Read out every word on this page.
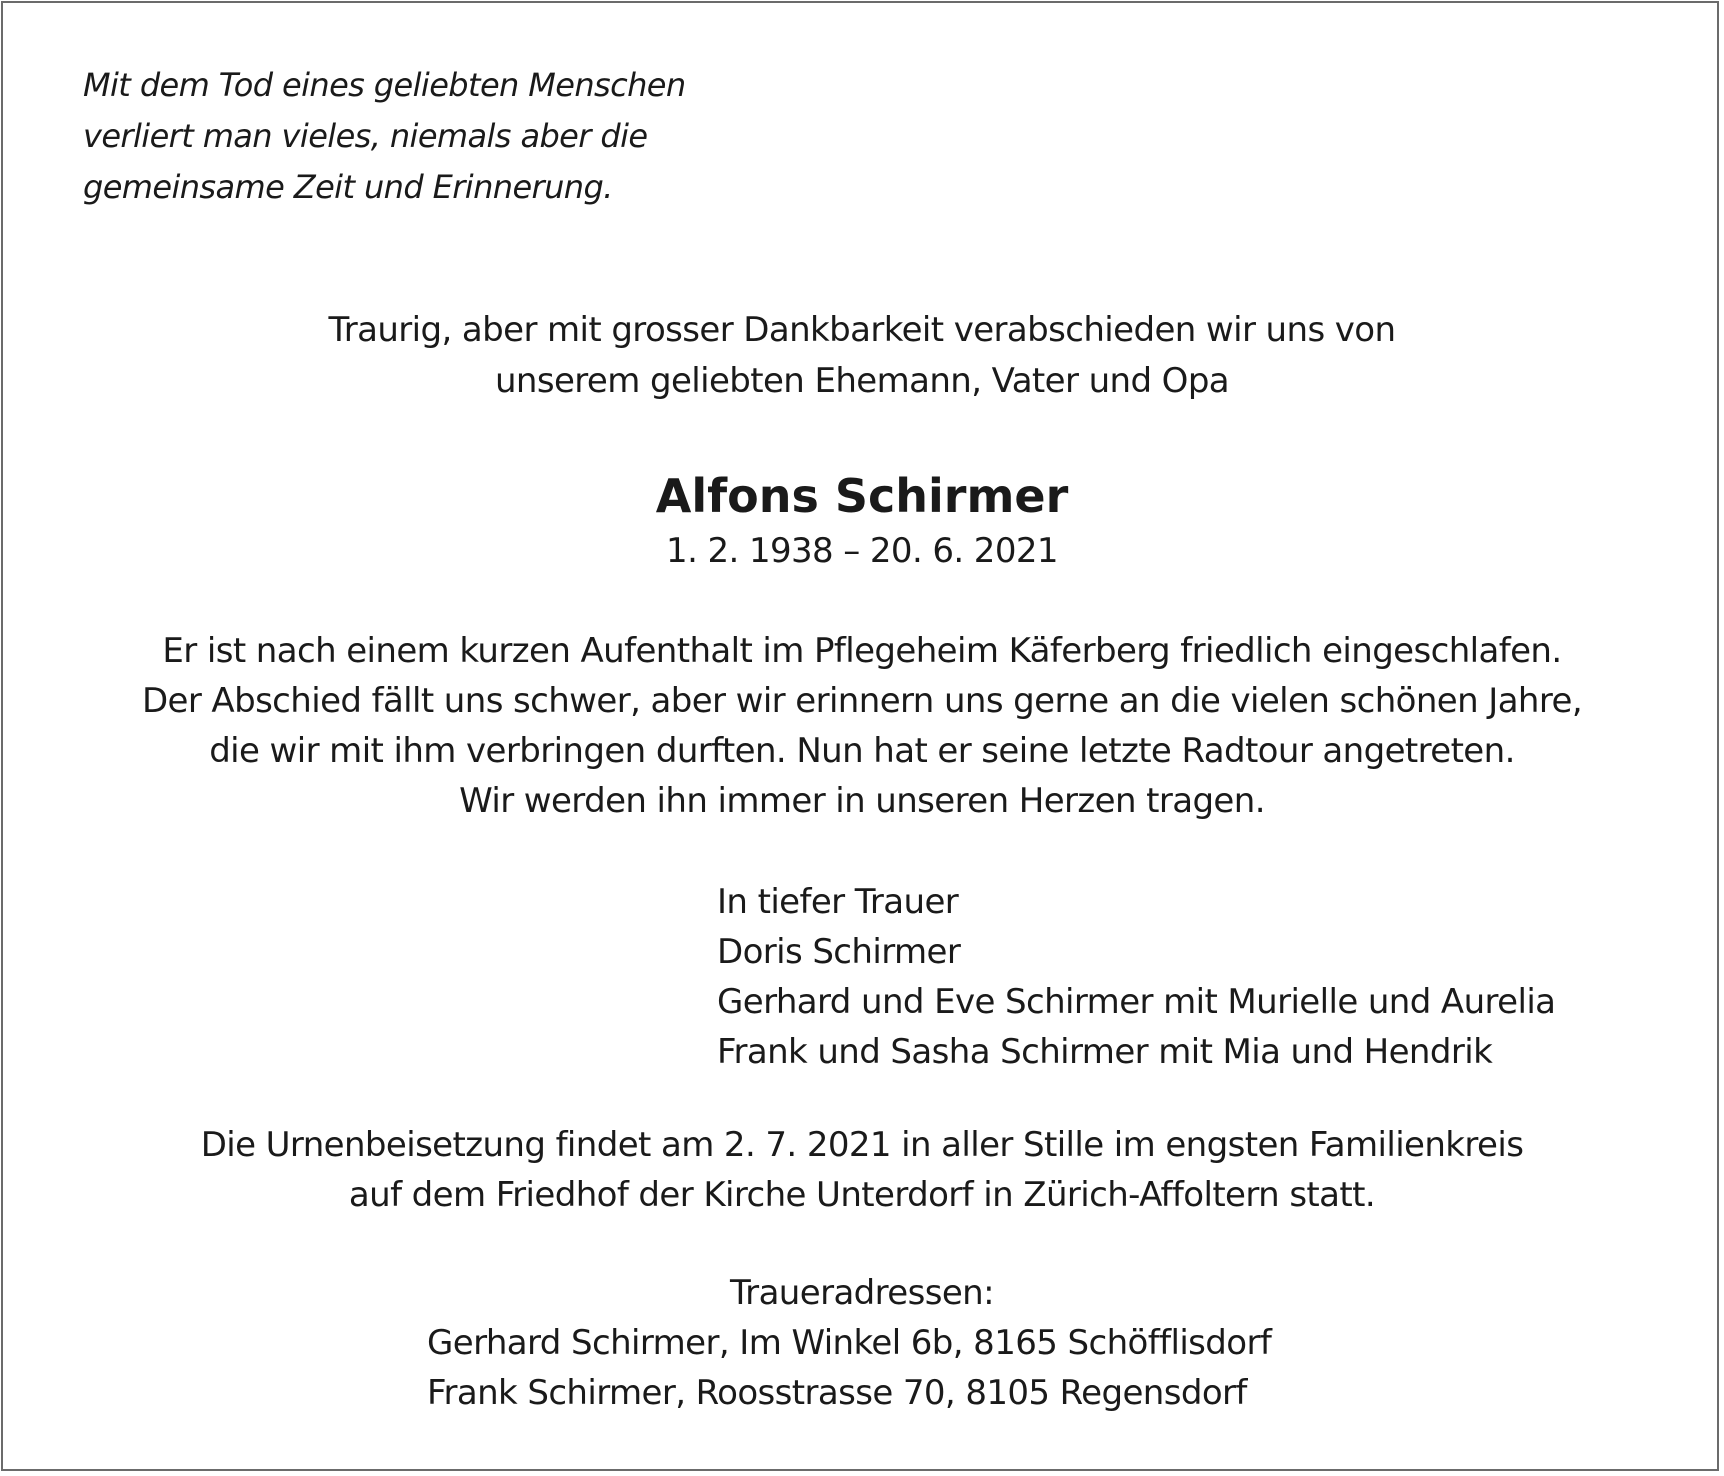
Mit dem Tod eines geliebten Menschen
verliert man vieles, niemals aber die
gemeinsame Zeit und Erinnerung.
Traurig, aber mit grosser Dankbarkeit verabschieden wir uns von
unserem geliebten Ehemann, Vater und Opa
Alfons Schirmer
1. 2. 1938 – 20. 6. 2021
Er ist nach einem kurzen Aufenthalt im Pflegeheim Käferberg friedlich eingeschlafen.
Der Abschied fällt uns schwer, aber wir erinnern uns gerne an die vielen schönen Jahre,
die wir mit ihm verbringen durften. Nun hat er seine letzte Radtour angetreten.
Wir werden ihn immer in unseren Herzen tragen.
In tiefer Trauer
Doris Schirmer
Gerhard und Eve Schirmer mit Murielle und Aurelia
Frank und Sasha Schirmer mit Mia und Hendrik
Die Urnenbeisetzung findet am 2. 7. 2021 in aller Stille im engsten Familienkreis
auf dem Friedhof der Kirche Unterdorf in Zürich-Affoltern statt.
Traueradressen:
Gerhard Schirmer, Im Winkel 6b, 8165 Schöfflisdorf
Frank Schirmer, Roosstrasse 70, 8105 Regensdorf
